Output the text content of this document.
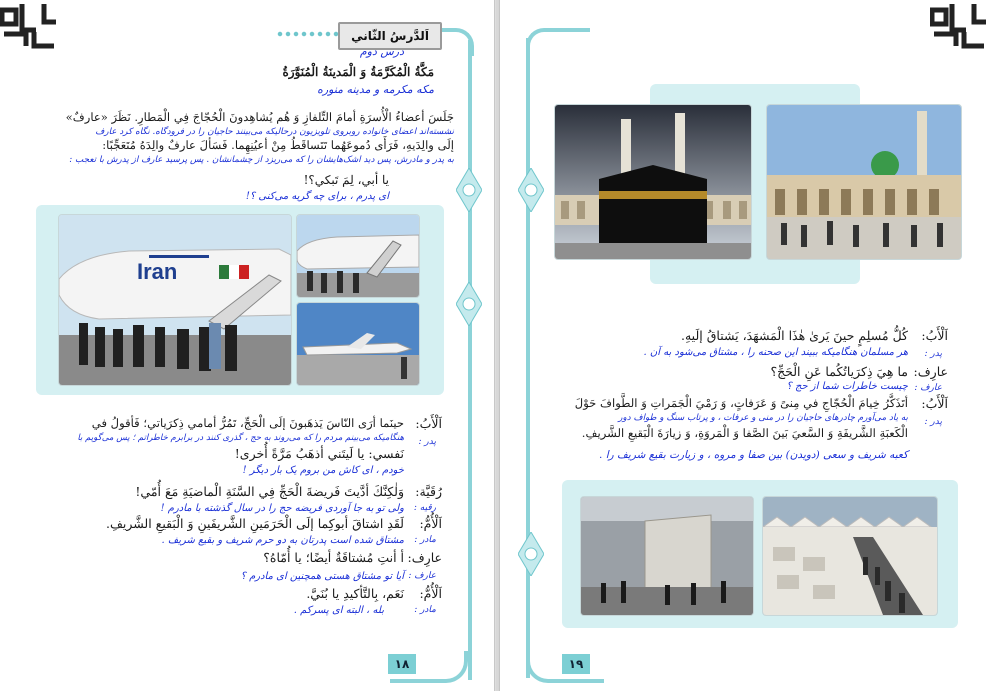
اَلدَّرسُ الثّاني
درس دوم
مَكَّةُ الْمُكَرَّمَةُ وَ الْمَدينَةُ الْمُنَوَّرَةُ
مکه مکرمه و مدینه منوره
جَلَسَ أعضاءُ الْأُسرَةِ أمامَ التِّلفازِ وَ هُم يُشاهِدونَ الْحُجّاجَ فِي الْمَطارِ. نَظَرَ «عارفٌ»
نشسته‌اند اعضای خانواده روبروی تلویزیون درحالیکه می‌بینند حاجیان را در فرودگاه. نگاه کرد عارف
إلَى والِدَيهِ، فَرَأَى دُموعَهُما تَتَساقَطُ مِنْ أعيُنِهِما. فَسَألَ عارفٌ والِدَهُ مُتَعَجِّبًا:
به پدر و مادرش، پس دید اشک‌هایشان را که می‌ریزد از چشمانشان . پس پرسید عارف از پدرش با تعجب :
يا أبي، لِمَ تَبكي؟!
ای پدرم ، برای چه گریه می‌کنی ؟!
Iran
اَلْأَبُ:
پدر :
حينَما أرَى النّاسَ يَذهَبونَ إلَى الْحَجِّ، تَمُرُّ أمامي ذِكرَياتي؛ فَأقولُ في
هنگامیکه می‌بینم مردم را که می‌روند به حج ، گذری کنند در برابرم خاطراتم ؛ پس می‌گویم با
نَفسي: يا لَيتَني أذهَبُ مَرَّةً أُخرى!
خودم ، ای کاش من بروم یک بار دیگر !
رُقَيَّة:
رقیه :
وَلٰكِنَّكَ أدَّيتَ فَريضةَ الْحَجِّ فِي السَّنَةِ الْماضيَةِ مَعَ أُمّي!
ولی تو به جا آوردی فریضه حج را در سال گذشته با مادرم !
اَلْأُمُّ:
مادر :
لَقَدِ اشتاقَ أبوكِما إلَى الْحَرَمَينِ الشَّريفَينِ وَ الْبَقيعِ الشَّريفِ.
مشتاق شده است پدرتان به دو حرم شریف و بقیع شریف .
عارِف:
عارف :
أ أنتِ مُشتاقَةٌ أيضًا؛ يا أُمّاهُ؟
آیا تو مشتاق هستی همچنین ای مادرم ؟
اَلْأُمُّ:
مادر :
نَعَم، بِالتَّأكيدِ يا بُنَيَّ.
بله ، البته ای پسرکم .
١٨
اَلْأَبُ:
پدر :
كُلُّ مُسلِمٍ حينَ يَرىٰ هٰذَا الْمَشهَدَ، يَشتاقُ إلَيهِ.
هر مسلمان هنگامیکه ببیند این صحنه را ، مشتاق می‌شود به آن .
عارِف:
عارف :
ما هِيَ ذِكرَياتُكُما عَنِ الْحَجِّ؟
چیست خاطرات شما از حج ؟
اَلْأَبُ:
پدر :
أتَذَكَّرُ خِيامَ الْحُجّاجِ في مِنىً وَ عَرَفاتٍ، وَ رَمْيَ الْجَمَراتِ وَ الطَّوافَ حَوْلَ
به یاد می‌آورم چادرهای حاجیان را در منی و عرفات ، و پرتاب سنگ و طواف دور
الْكَعبَةِ الشَّريفَةِ وَ السَّعيَ بَينَ الصَّفا وَ الْمَروَةِ، وَ زيارَةَ الْبَقيعِ الشَّريفِ.
کعبه شریف و سعی (دویدن) بین صفا و مروه ، و زیارت بقیع شریف را .
١٩
